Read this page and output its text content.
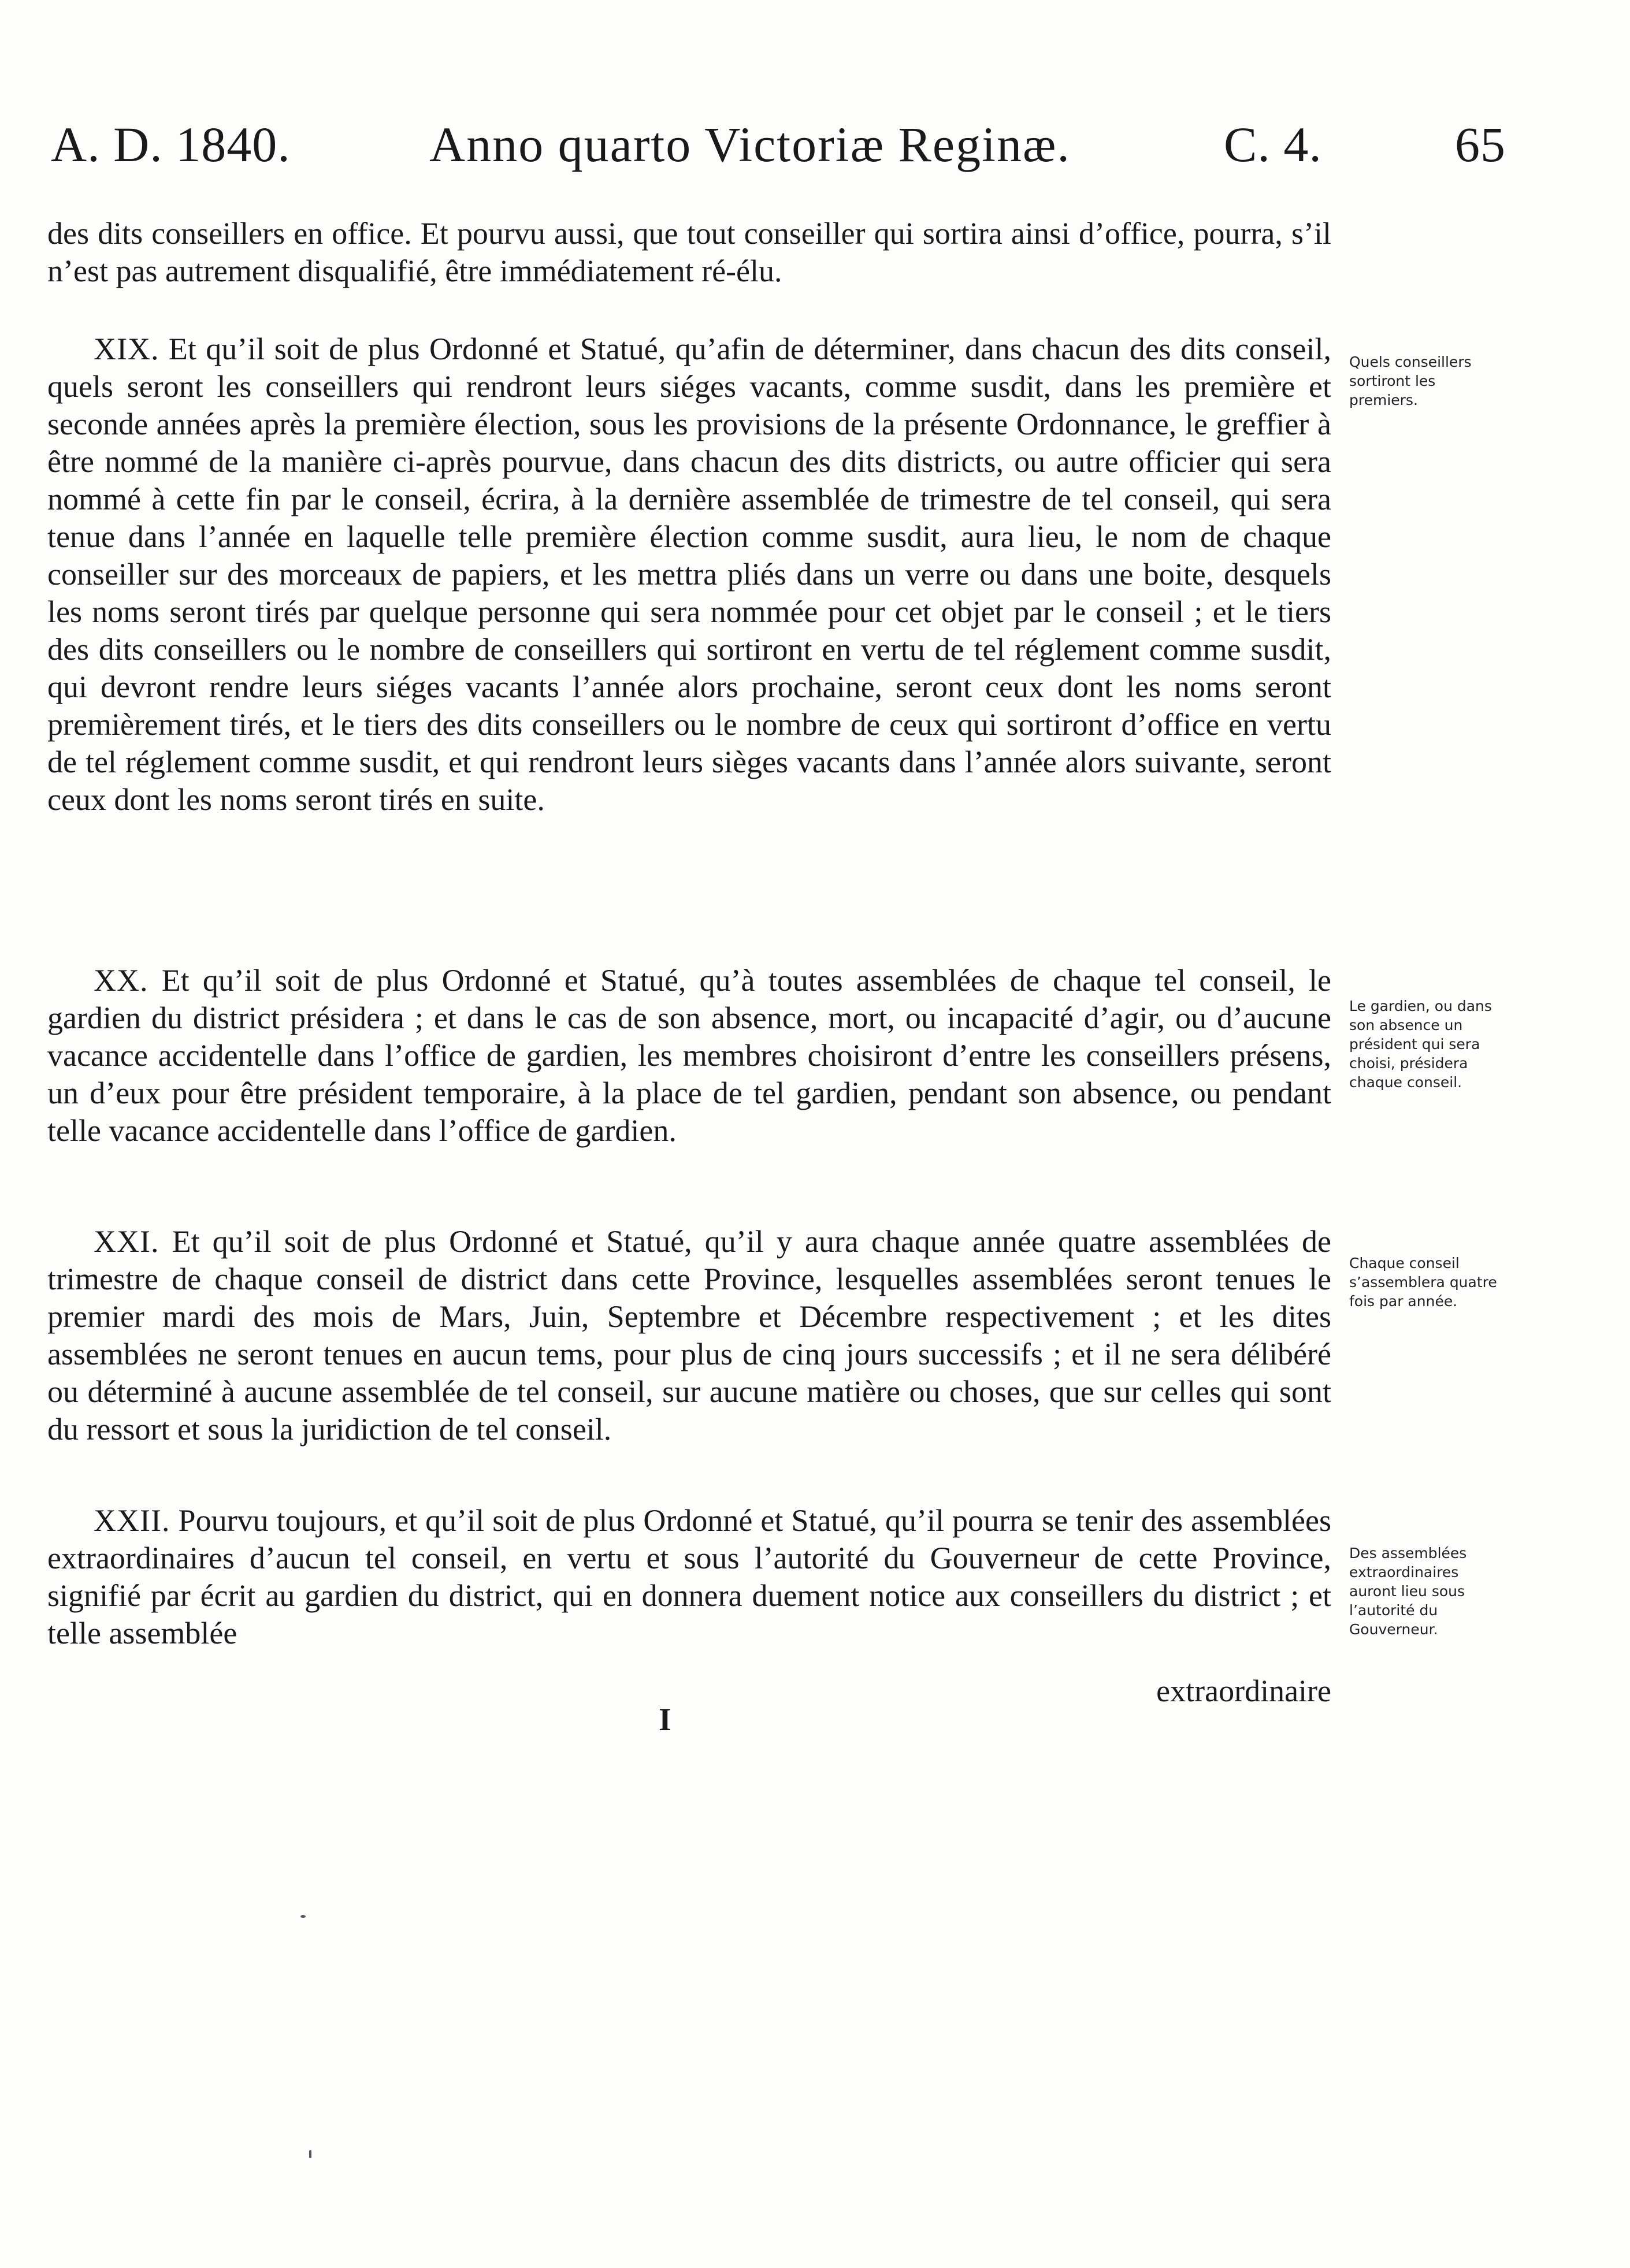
A. D. 1840.	Anno quarto Victoriæ Reginæ.	C. 4.	65

des dits conseillers en office. Et pourvu aussi, que tout conseiller qui sortira ainsi d’office, pourra, s’il n’est pas autrement disqualifié, être immédiatement ré-élu.

XIX. Et qu’il soit de plus Ordonné et Statué, qu’afin de déterminer, dans chacun des dits conseil, quels seront les conseillers qui rendront leurs siéges vacants, comme susdit, dans les première et seconde années après la première élection, sous les provisions de la présente Ordonnance, le greffier à être nommé de la manière ci-après pourvue, dans chacun des dits districts, ou autre officier qui sera nommé à cette fin par le conseil, écrira, à la dernière assemblée de trimestre de tel conseil, qui sera tenue dans l’année en laquelle telle première élection comme susdit, aura lieu, le nom de chaque conseiller sur des morceaux de papiers, et les mettra pliés dans un verre ou dans une boite, desquels les noms seront tirés par quelque personne qui sera nommée pour cet objet par le conseil ; et le tiers des dits conseillers ou le nombre de conseillers qui sortiront en vertu de tel réglement comme susdit, qui devront rendre leurs siéges vacants l’année alors prochaine, seront ceux dont les noms seront premièrement tirés, et le tiers des dits conseillers ou le nombre de ceux qui sortiront d’office en vertu de tel réglement comme susdit, et qui rendront leurs sièges vacants dans l’année alors suivante, seront ceux dont les noms seront tirés en suite.

XX. Et qu’il soit de plus Ordonné et Statué, qu’à toutes assemblées de chaque tel conseil, le gardien du district présidera ; et dans le cas de son absence, mort, ou incapacité d’agir, ou d’aucune vacance accidentelle dans l’office de gardien, les membres choisiront d’entre les conseillers présens, un d’eux pour être président temporaire, à la place de tel gardien, pendant son absence, ou pendant telle vacance accidentelle dans l’office de gardien.

XXI. Et qu’il soit de plus Ordonné et Statué, qu’il y aura chaque année quatre assemblées de trimestre de chaque conseil de district dans cette Province, lesquelles assemblées seront tenues le premier mardi des mois de Mars, Juin, Septembre et Décembre respectivement ; et les dites assemblées ne seront tenues en aucun tems, pour plus de cinq jours successifs ; et il ne sera délibéré ou déterminé à aucune assemblée de tel conseil, sur aucune matière ou choses, que sur celles qui sont du ressort et sous la juridiction de tel conseil.

XXII. Pourvu toujours, et qu’il soit de plus Ordonné et Statué, qu’il pourra se tenir des assemblées extraordinaires d’aucun tel conseil, en vertu et sous l’autorité du Gouverneur de cette Province, signifié par écrit au gardien du district, qui en donnera duement notice aux conseillers du district ; et telle assemblée

extraordinaire
I
Quels conseillers sortiront les premiers.
Le gardien, ou dans son absence un président qui sera choisi, présidera chaque conseil.
Chaque conseil s’assemblera quatre fois par année.
Des assemblées extraordinaires auront lieu sous l’autorité du Gouverneur.
